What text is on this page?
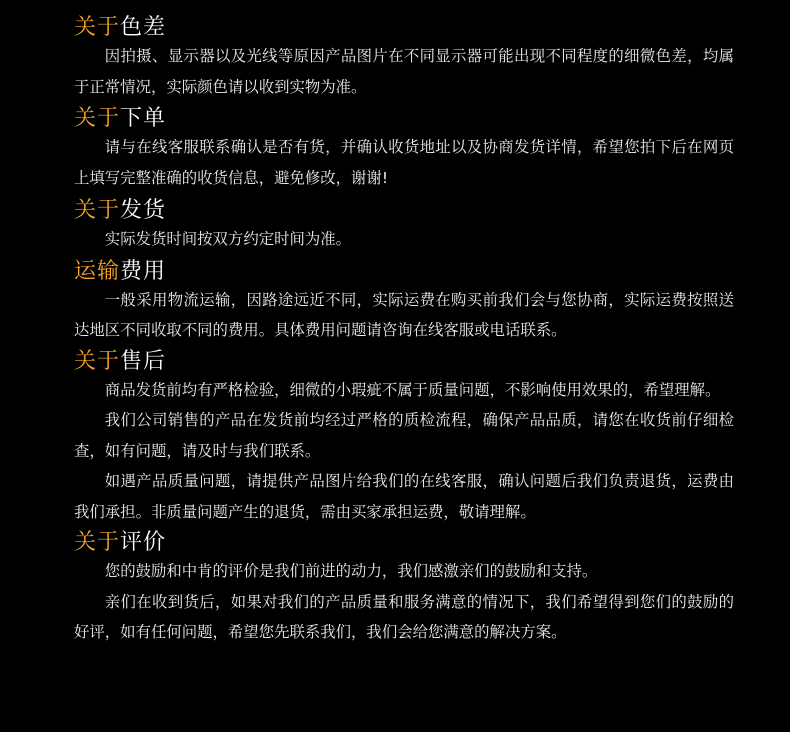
关于色差

因拍摄、显示器以及光线等原因产品图片在不同显示器可能出现不同程度的细微色差，均属于正常情况，实际颜色请以收到实物为准。

关于下单

请与在线客服联系确认是否有货，并确认收货地址以及协商发货详情，希望您拍下后在网页上填写完整准确的收货信息，避免修改，谢谢!

关于发货

实际发货时间按双方约定时间为准。

运输费用

一般采用物流运输，因路途远近不同，实际运费在购买前我们会与您协商，实际运费按照送达地区不同收取不同的费用。具体费用问题请咨询在线客服或电话联系。

关于售后

商品发货前均有严格检验，细微的小瑕疵不属于质量问题，不影响使用效果的，希望理解。

我们公司销售的产品在发货前均经过严格的质检流程，确保产品品质，请您在收货前仔细检查，如有问题，请及时与我们联系。

如遇产品质量问题，请提供产品图片给我们的在线客服，确认问题后我们负责退货，运费由我们承担。非质量问题产生的退货，需由买家承担运费，敬请理解。

关于评价

您的鼓励和中肯的评价是我们前进的动力，我们感激亲们的鼓励和支持。

亲们在收到货后，如果对我们的产品质量和服务满意的情况下，我们希望得到您们的鼓励的好评，如有任何问题，希望您先联系我们，我们会给您满意的解决方案。
